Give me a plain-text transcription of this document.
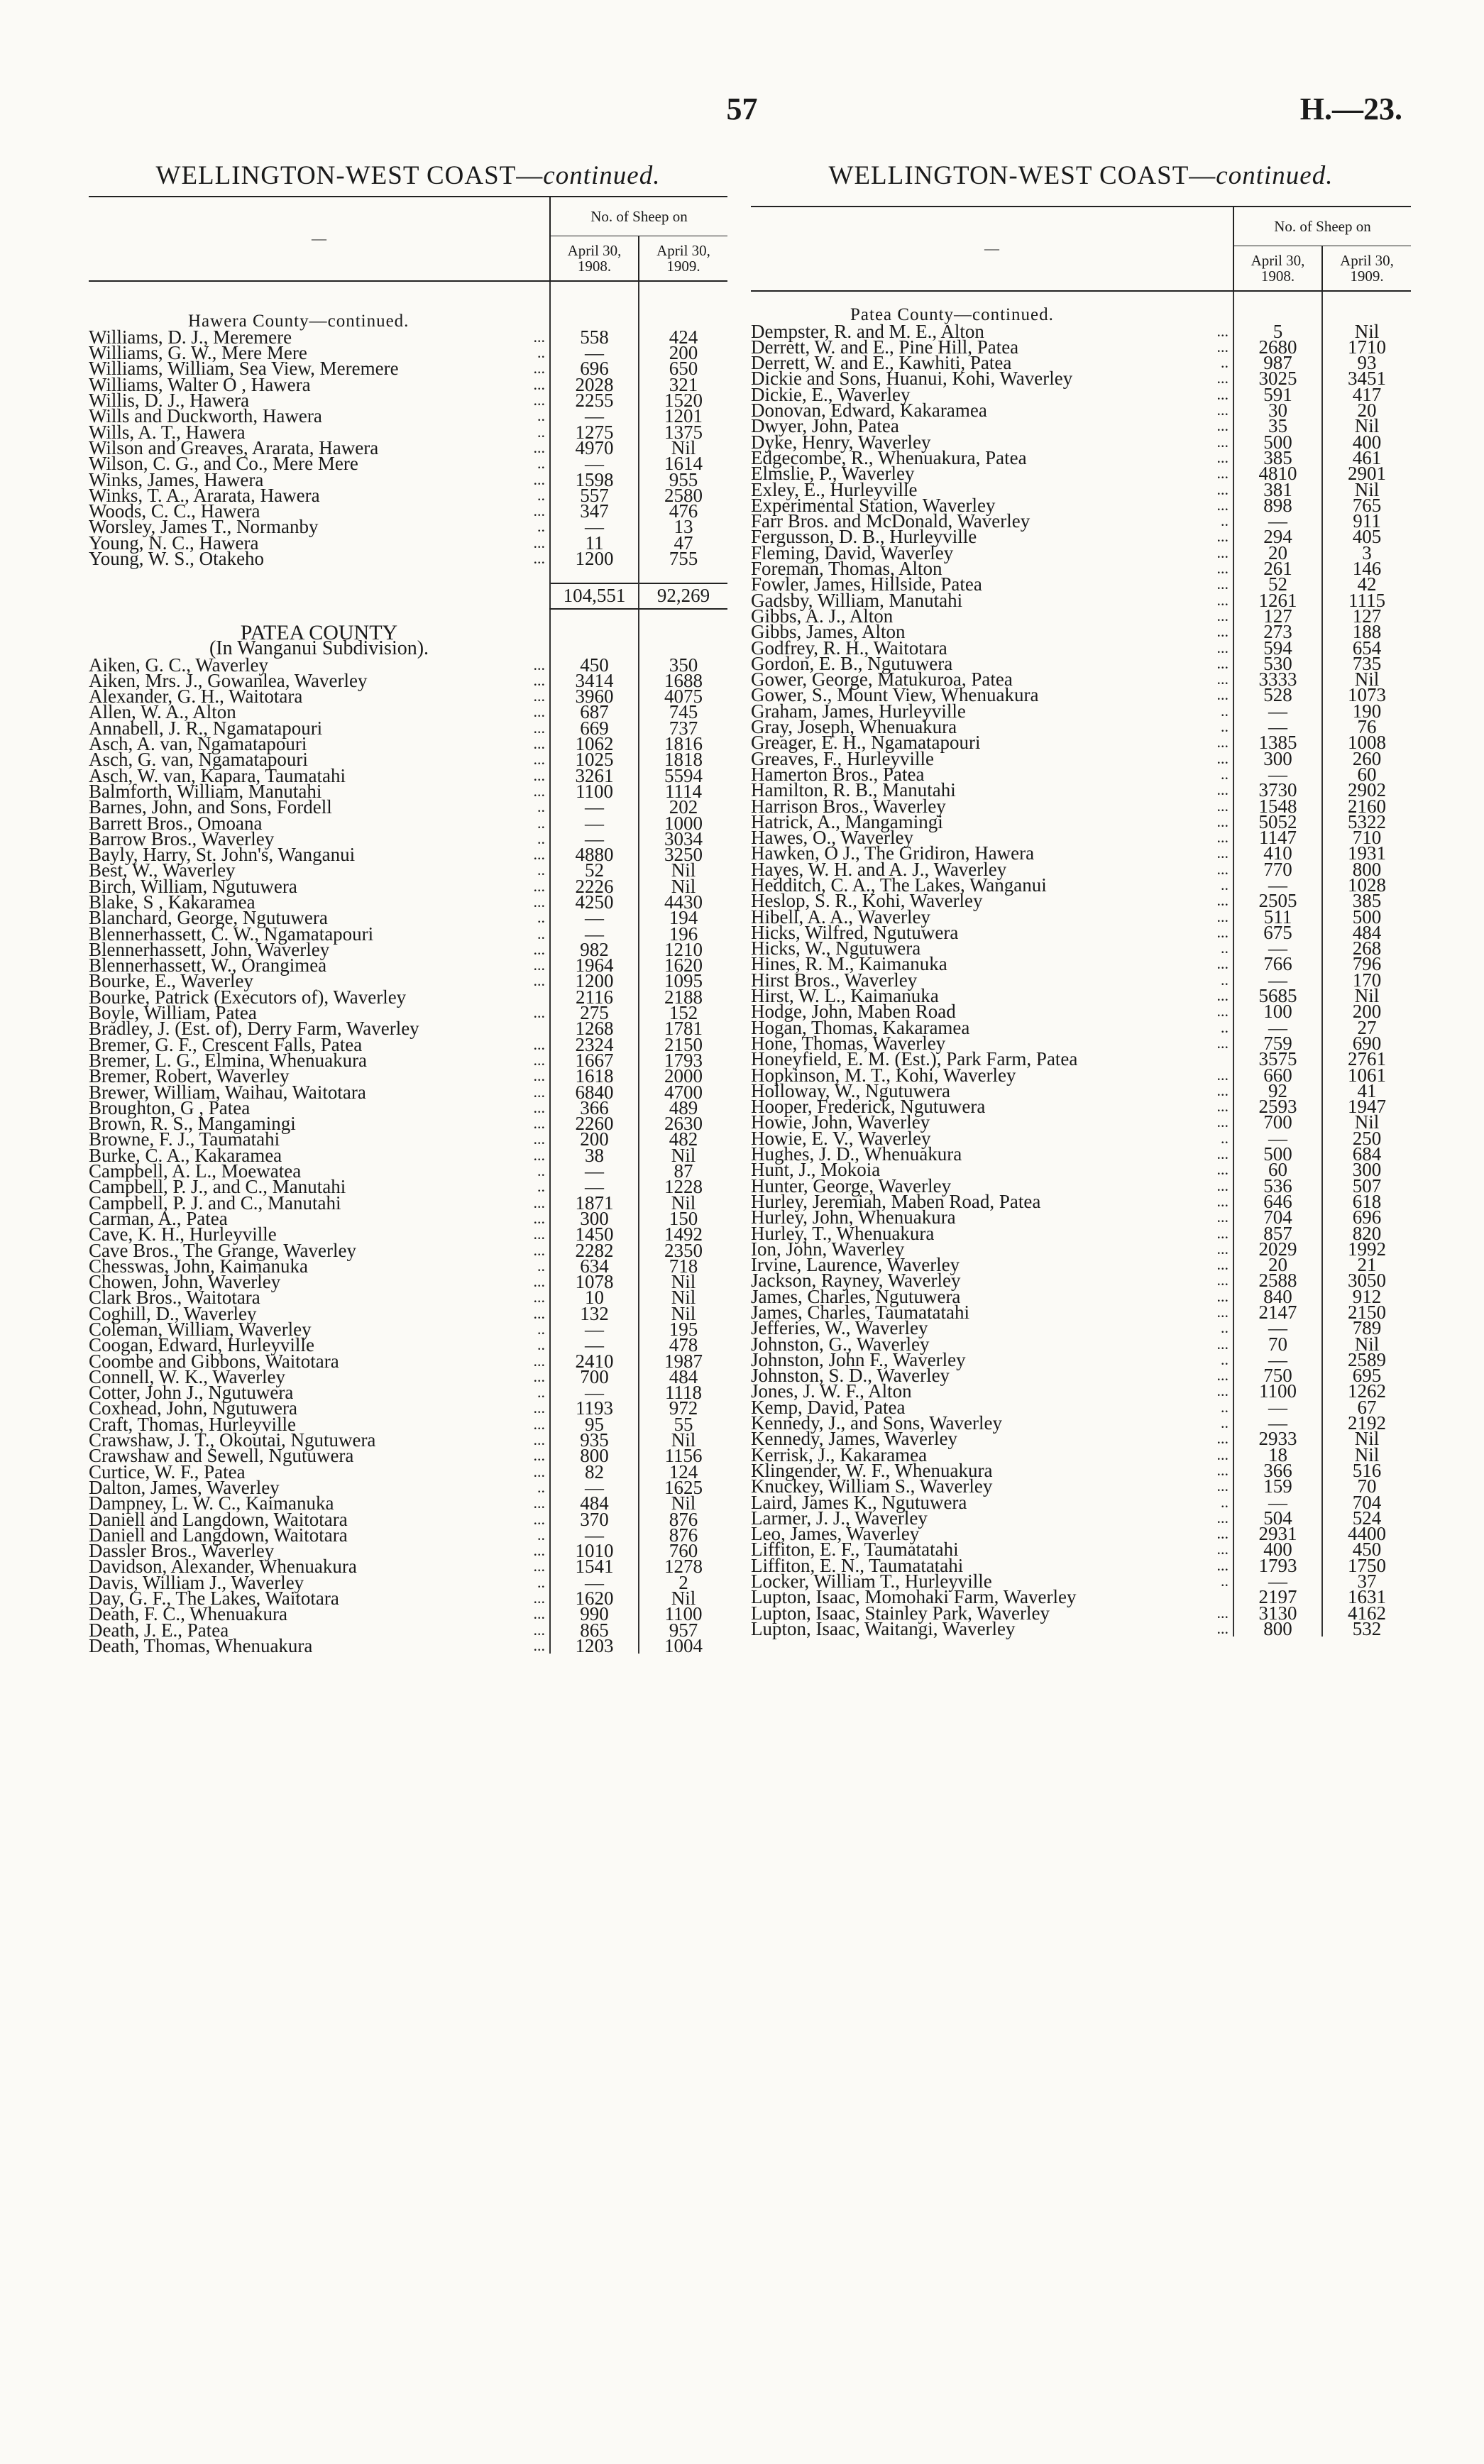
57	H.—23.
WELLINGTON-WEST COAST—continued.
—	No. of Sheep on	
	April 30,
1908.	April 30,
1909.

Hawera County—continued.			
Williams, D. J., Meremere	...	558	424
Williams, G. W., Mere Mere	..	—	200
Williams, William, Sea View, Meremere	...	696	650
Williams, Walter O , Hawera	...	2028	321
Willis, D. J., Hawera	...	2255	1520
Wills and Duckworth, Hawera	..	—	1201
Wills, A. T., Hawera	..	1275	1375
Wilson and Greaves, Ararata, Hawera	...	4970	Nil
Wilson, C. G., and Co., Mere Mere	..	—	1614
Winks, James, Hawera	...	1598	955
Winks, T. A., Ararata, Hawera	..	557	2580
Woods, C. C., Hawera	...	347	476
Worsley, James T., Normanby	..	—	13
Young, N. C., Hawera	...	11	47
Young, W. S., Otakeho	...	1200	755

		104,551	92,269

PATEA COUNTY			
(In Wanganui Subdivision).			
Aiken, G. C., Waverley	...	450	350
Aiken, Mrs. J., Gowanlea, Waverley	...	3414	1688
Alexander, G. H., Waitotara	...	3960	4075
Allen, W. A., Alton	...	687	745
Annabell, J. R., Ngamatapouri	...	669	737
Asch, A. van, Ngamatapouri	...	1062	1816
Asch, G. van, Ngamatapouri	...	1025	1818
Asch, W. van, Kapara, Taumatahi	...	3261	5594
Balmforth, William, Manutahi	...	1100	1114
Barnes, John, and Sons, Fordell	..	—	202
Barrett Bros., Omoana	..	—	1000
Barrow Bros., Waverley	..	—	3034
Bayly, Harry, St. John's, Wanganui	...	4880	3250
Best, W., Waverley	..	52	Nil
Birch, William, Ngutuwera	...	2226	Nil
Blake, S , Kakaramea	...	4250	4430
Blanchard, George, Ngutuwera	..	—	194
Blennerhassett, C. W., Ngamatapouri	..	—	196
Blennerhassett, John, Waverley	...	982	1210
Blennerhassett, W., Orangimea	...	1964	1620
Bourke, E., Waverley	...	1200	1095
Bourke, Patrick (Executors of), Waverley		2116	2188
Boyle, William, Patea	...	275	152
Bradley, J. (Est. of), Derry Farm, Waverley		1268	1781
Bremer, G. F., Crescent Falls, Patea	...	2324	2150
Bremer, L. G., Elmina, Whenuakura	...	1667	1793
Bremer, Robert, Waverley	...	1618	2000
Brewer, William, Waihau, Waitotara	...	6840	4700
Broughton, G , Patea	...	366	489
Brown, R. S., Mangamingi	...	2260	2630
Browne, F. J., Taumatahi	...	200	482
Burke, C. A., Kakaramea	...	38	Nil
Campbell, A. L., Moewatea	..	—	87
Campbell, P. J., and C., Manutahi	..	—	1228
Campbell, P. J. and C., Manutahi	...	1871	Nil
Carman, A., Patea	...	300	150
Cave, K. H., Hurleyville	...	1450	1492
Cave Bros., The Grange, Waverley	...	2282	2350
Chesswas, John, Kaimanuka	..	634	718
Chowen, John, Waverley	...	1078	Nil
Clark Bros., Waitotara	...	10	Nil
Coghill, D., Waverley	...	132	Nil
Coleman, William, Waverley	..	—	195
Coogan, Edward, Hurleyville	..	—	478
Coombe and Gibbons, Waitotara	...	2410	1987
Connell, W. K., Waverley	...	700	484
Cotter, John J., Ngutuwera	..	—	1118
Coxhead, John, Ngutuwera	...	1193	972
Craft, Thomas, Hurleyville	...	95	55
Crawshaw, J. T., Okoutai, Ngutuwera	...	935	Nil
Crawshaw and Sewell, Ngutuwera	...	800	1156
Curtice, W. F., Patea	...	82	124
Dalton, James, Waverley	..	—	1625
Dampney, L. W. C., Kaimanuka	...	484	Nil
Daniell and Langdown, Waitotara	...	370	876
Daniell and Langdown, Waitotara	..	—	876
Dassler Bros., Waverley	...	1010	760
Davidson, Alexander, Whenuakura	...	1541	1278
Davis, William J., Waverley	..	—	2
Day, G. F., The Lakes, Waitotara	...	1620	Nil
Death, F. C., Whenuakura	...	990	1100
Death, J. E., Patea	...	865	957
Death, Thomas, Whenuakura	...	1203	1004
WELLINGTON-WEST COAST—continued.
—	No. of Sheep on	
	April 30,
1908.	April 30,
1909.

Patea County—continued.			
Dempster, R. and M. E., Alton	...	5	Nil
Derrett, W. and E., Pine Hill, Patea	...	2680	1710
Derrett, W. and E., Kawhiti, Patea	..	987	93
Dickie and Sons, Huanui, Kohi, Waverley	...	3025	3451
Dickie, E., Waverley	...	591	417
Donovan, Edward, Kakaramea	...	30	20
Dwyer, John, Patea	...	35	Nil
Dyke, Henry, Waverley	...	500	400
Edgecombe, R., Whenuakura, Patea	...	385	461
Elmslie, P., Waverley	...	4810	2901
Exley, E., Hurleyville	...	381	Nil
Experimental Station, Waverley	...	898	765
Farr Bros. and McDonald, Waverley	..	—	911
Fergusson, D. B., Hurleyville	...	294	405
Fleming, David, Waverley	...	20	3
Foreman, Thomas, Alton	...	261	146
Fowler, James, Hillside, Patea	...	52	42
Gadsby, William, Manutahi	...	1261	1115
Gibbs, A. J., Alton	...	127	127
Gibbs, James, Alton	...	273	188
Godfrey, R. H., Waitotara	...	594	654
Gordon, E. B., Ngutuwera	...	530	735
Gower, George, Matukuroa, Patea	...	3333	Nil
Gower, S., Mount View, Whenuakura	...	528	1073
Graham, James, Hurleyville	..	—	190
Gray, Joseph, Whenuakura	..	—	76
Greager, E. H., Ngamatapouri	...	1385	1008
Greaves, F., Hurleyville	...	300	260
Hamerton Bros., Patea	..	—	60
Hamilton, R. B., Manutahi	...	3730	2902
Harrison Bros., Waverley	...	1548	2160
Hatrick, A., Mangamingi	...	5052	5322
Hawes, O., Waverley	...	1147	710
Hawken, O J., The Gridiron, Hawera	...	410	1931
Hayes, W. H. and A. J., Waverley	...	770	800
Hedditch, C. A., The Lakes, Wanganui	..	—	1028
Heslop, S. R., Kohi, Waverley	...	2505	385
Hibell, A. A., Waverley	...	511	500
Hicks, Wilfred, Ngutuwera	...	675	484
Hicks, W., Ngutuwera	..	—	268
Hines, R. M., Kaimanuka	...	766	796
Hirst Bros., Waverley	..	—	170
Hirst, W. L., Kaimanuka	...	5685	Nil
Hodge, John, Maben Road	...	100	200
Hogan, Thomas, Kakaramea	..	—	27
Hone, Thomas, Waverley	...	759	690
Honeyfield, E. M. (Est.), Park Farm, Patea		3575	2761
Hopkinson, M. T., Kohi, Waverley	...	660	1061
Holloway, W., Ngutuwera	...	92	41
Hooper, Frederick, Ngutuwera	...	2593	1947
Howie, John, Waverley	...	700	Nil
Howie, E. V., Waverley	..	—	250
Hughes, J. D., Whenuakura	...	500	684
Hunt, J., Mokoia	...	60	300
Hunter, George, Waverley	...	536	507
Hurley, Jeremiah, Maben Road, Patea	...	646	618
Hurley, John, Whenuakura	...	704	696
Hurley, T., Whenuakura	...	857	820
Ion, John, Waverley	...	2029	1992
Irvine, Laurence, Waverley	...	20	21
Jackson, Rayney, Waverley	...	2588	3050
James, Charles, Ngutuwera	...	840	912
James, Charles, Taumatatahi	...	2147	2150
Jefferies, W., Waverley	..	—	789
Johnston, G., Waverley	...	70	Nil
Johnston, John F., Waverley	..	—	2589
Johnston, S. D., Waverley	...	750	695
Jones, J. W. F., Alton	...	1100	1262
Kemp, David, Patea	..	—	67
Kennedy, J., and Sons, Waverley	..	—	2192
Kennedy, James, Waverley	...	2933	Nil
Kerrisk, J., Kakaramea	...	18	Nil
Klingender, W. F., Whenuakura	...	366	516
Knuckey, William S., Waverley	...	159	70
Laird, James K., Ngutuwera	..	—	704
Larmer, J. J., Waverley	...	504	524
Leo, James, Waverley	...	2931	4400
Liffiton, E. F., Taumatatahi	...	400	450
Liffiton, E. N., Taumatatahi	...	1793	1750
Locker, William T., Hurleyville	..	—	37
Lupton, Isaac, Momohaki Farm, Waverley		2197	1631
Lupton, Isaac, Stainley Park, Waverley	...	3130	4162
Lupton, Isaac, Waitangi, Waverley	...	800	532
